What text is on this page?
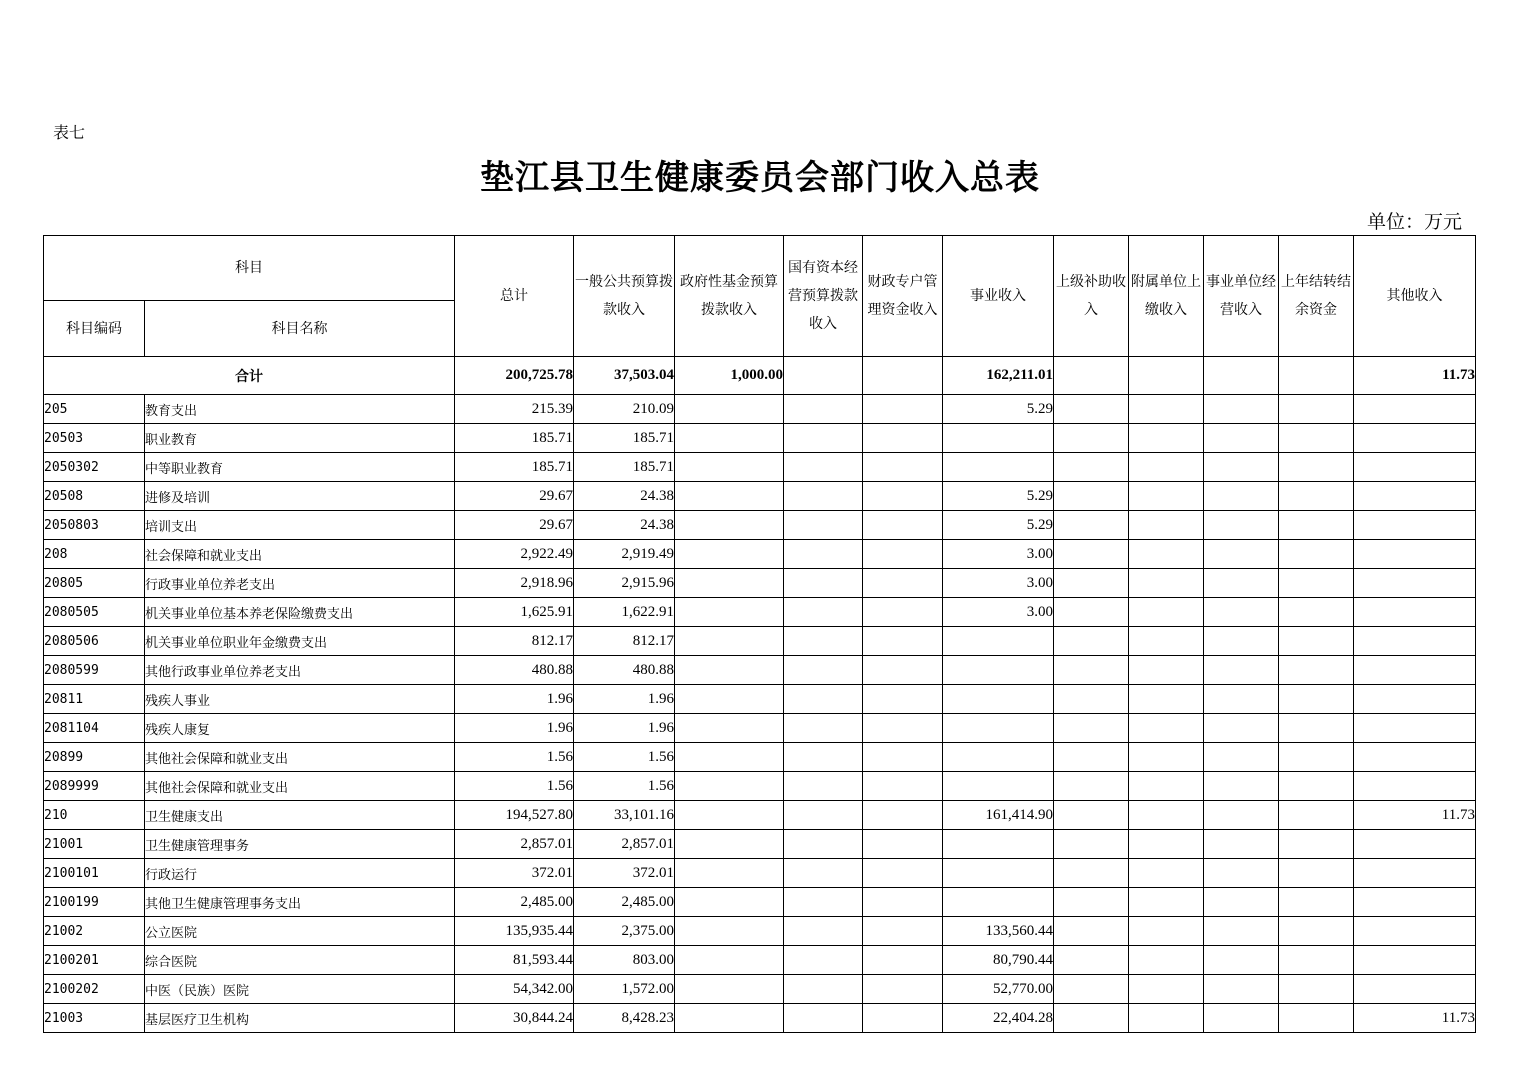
表七
垫江县卫生健康委员会部门收入总表
单位：万元
科目		总计	一般公共预算拨款收入	政府性基金预算拨款收入	国有资本经营预算拨款收入	财政专户管理资金收入	事业收入	上级补助收入	附属单位上缴收入	事业单位经营收入	上年结转结余资金	其他收入
科目编码	科目名称											
合计		200,725.78	37,503.04	1,000.00			162,211.01					11.73
205	教育支出	215.39	210.09				5.29					
20503	职业教育	185.71	185.71									
2050302	中等职业教育	185.71	185.71									
20508	进修及培训	29.67	24.38				5.29					
2050803	培训支出	29.67	24.38				5.29					
208	社会保障和就业支出	2,922.49	2,919.49				3.00					
20805	行政事业单位养老支出	2,918.96	2,915.96				3.00					
2080505	机关事业单位基本养老保险缴费支出	1,625.91	1,622.91				3.00					
2080506	机关事业单位职业年金缴费支出	812.17	812.17									
2080599	其他行政事业单位养老支出	480.88	480.88									
20811	残疾人事业	1.96	1.96									
2081104	残疾人康复	1.96	1.96									
20899	其他社会保障和就业支出	1.56	1.56									
2089999	其他社会保障和就业支出	1.56	1.56									
210	卫生健康支出	194,527.80	33,101.16				161,414.90					11.73
21001	卫生健康管理事务	2,857.01	2,857.01									
2100101	行政运行	372.01	372.01									
2100199	其他卫生健康管理事务支出	2,485.00	2,485.00									
21002	公立医院	135,935.44	2,375.00				133,560.44					
2100201	综合医院	81,593.44	803.00				80,790.44					
2100202	中医（民族）医院	54,342.00	1,572.00				52,770.00					
21003	基层医疗卫生机构	30,844.24	8,428.23				22,404.28					11.73
